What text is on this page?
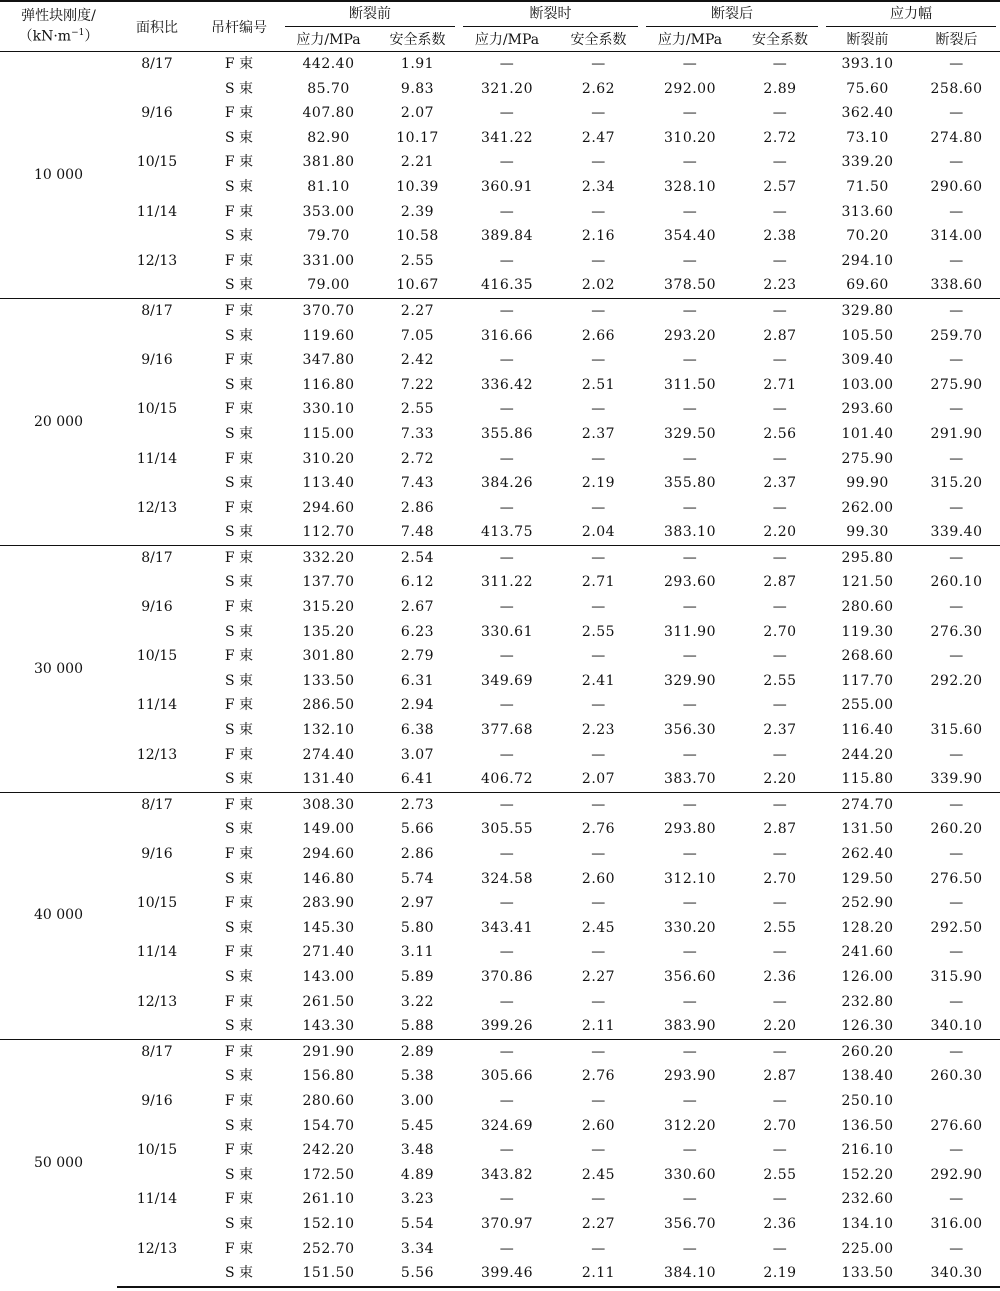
弹性块刚度/
$(kN\cdot m^{-1})$	面积比	吊杆编号	断裂前		断裂时		断裂后		应力幅	

			应力/MPa	安全系数	应力/MPa	安全系数	应力/MPa	安全系数	断裂前	断裂后
10 000	8/17	F 束	442.40	1.91	—	—	—	—	393.10	—
		S 束	85.70	9.83	321.20	2.62	292.00	2.89	75.60	258.60
	9/16	F 束	407.80	2.07	—	—	—	—	362.40	—
		S 束	82.90	10.17	341.22	2.47	310.20	2.72	73.10	274.80
	10/15	F 束	381.80	2.21	—	—	—	—	339.20	—
		S 束	81.10	10.39	360.91	2.34	328.10	2.57	71.50	290.60
	11/14	F 束	353.00	2.39	—	—	—	—	313.60	—
		S 束	79.70	10.58	389.84	2.16	354.40	2.38	70.20	314.00
	12/13	F 束	331.00	2.55	—	—	—	—	294.10	—
		S 束	79.00	10.67	416.35	2.02	378.50	2.23	69.60	338.60
20 000	8/17	F 束	370.70	2.27	—	—	—	—	329.80	—
		S 束	119.60	7.05	316.66	2.66	293.20	2.87	105.50	259.70
	9/16	F 束	347.80	2.42	—	—	—	—	309.40	—
		S 束	116.80	7.22	336.42	2.51	311.50	2.71	103.00	275.90
	10/15	F 束	330.10	2.55	—	—	—	—	293.60	—
		S 束	115.00	7.33	355.86	2.37	329.50	2.56	101.40	291.90
	11/14	F 束	310.20	2.72	—	—	—	—	275.90	—
		S 束	113.40	7.43	384.26	2.19	355.80	2.37	99.90	315.20
	12/13	F 束	294.60	2.86	—	—	—	—	262.00	—
		S 束	112.70	7.48	413.75	2.04	383.10	2.20	99.30	339.40
30 000	8/17	F 束	332.20	2.54	—	—	—	—	295.80	—
		S 束	137.70	6.12	311.22	2.71	293.60	2.87	121.50	260.10
	9/16	F 束	315.20	2.67	—	—	—	—	280.60	—
		S 束	135.20	6.23	330.61	2.55	311.90	2.70	119.30	276.30
	10/15	F 束	301.80	2.79	—	—	—	—	268.60	—
		S 束	133.50	6.31	349.69	2.41	329.90	2.55	117.70	292.20
	11/14	F 束	286.50	2.94	—	—	—	—	255.00	
		S 束	132.10	6.38	377.68	2.23	356.30	2.37	116.40	315.60
	12/13	F 束	274.40	3.07	—	—	—	—	244.20	—
		S 束	131.40	6.41	406.72	2.07	383.70	2.20	115.80	339.90
40 000	8/17	F 束	308.30	2.73	—	—	—	—	274.70	—
		S 束	149.00	5.66	305.55	2.76	293.80	2.87	131.50	260.20
	9/16	F 束	294.60	2.86	—	—	—	—	262.40	—
		S 束	146.80	5.74	324.58	2.60	312.10	2.70	129.50	276.50
	10/15	F 束	283.90	2.97	—	—	—	—	252.90	—
		S 束	145.30	5.80	343.41	2.45	330.20	2.55	128.20	292.50
	11/14	F 束	271.40	3.11	—	—	—	—	241.60	—
		S 束	143.00	5.89	370.86	2.27	356.60	2.36	126.00	315.90
	12/13	F 束	261.50	3.22	—	—	—	—	232.80	—
		S 束	143.30	5.88	399.26	2.11	383.90	2.20	126.30	340.10
50 000	8/17	F 束	291.90	2.89	—	—	—	—	260.20	—
		S 束	156.80	5.38	305.66	2.76	293.90	2.87	138.40	260.30
	9/16	F 束	280.60	3.00	—	—	—	—	250.10	
		S 束	154.70	5.45	324.69	2.60	312.20	2.70	136.50	276.60
	10/15	F 束	242.20	3.48	—	—	—	—	216.10	—
		S 束	172.50	4.89	343.82	2.45	330.60	2.55	152.20	292.90
	11/14	F 束	261.10	3.23	—	—	—	—	232.60	—
		S 束	152.10	5.54	370.97	2.27	356.70	2.36	134.10	316.00
	12/13	F 束	252.70	3.34	—	—	—	—	225.00	—
		S 束	151.50	5.56	399.46	2.11	384.10	2.19	133.50	340.30
